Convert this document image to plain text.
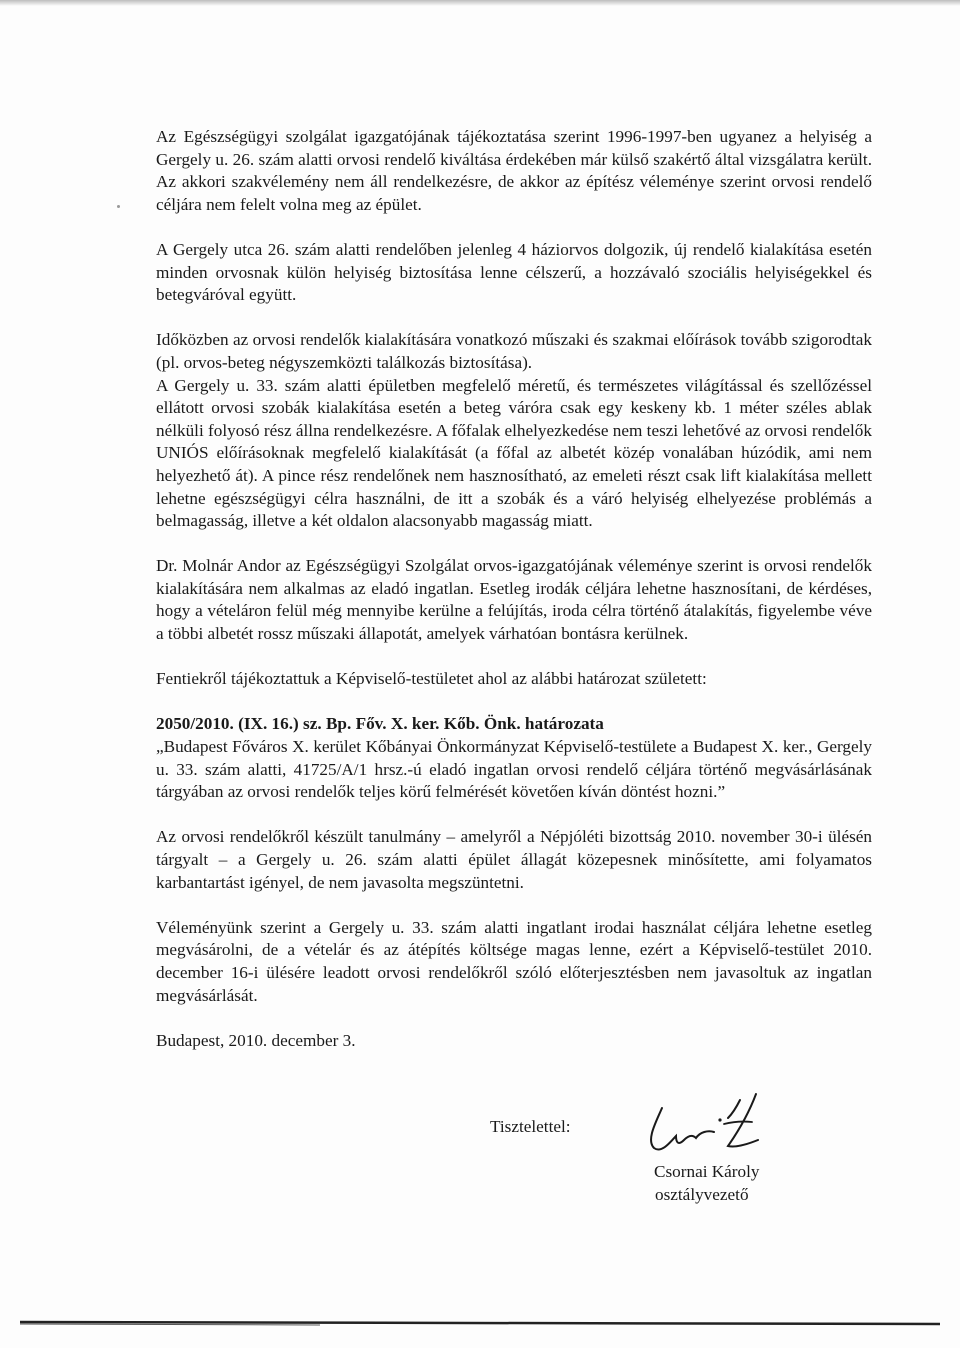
Az Egészségügyi szolgálat igazgatójának tájékoztatása szerint 1996-1997-ben ugyanez a helyiség a Gergely u. 26. szám alatti orvosi rendelő kiváltása érdekében már külső szakértő által vizsgálatra került. Az akkori szakvélemény nem áll rendelkezésre, de akkor az építész véleménye szerint orvosi rendelő céljára nem felelt volna meg az épület.

A Gergely utca 26. szám alatti rendelőben jelenleg 4 háziorvos dolgozik, új rendelő kialakítása esetén minden orvosnak külön helyiség biztosítása lenne célszerű, a hozzávaló szociális helyiségekkel és betegváróval együtt.

Időközben az orvosi rendelők kialakítására vonatkozó műszaki és szakmai előírások tovább szigorodtak (pl. orvos-beteg négyszemközti találkozás biztosítása).

A Gergely u. 33. szám alatti épületben megfelelő méretű, és természetes világítással és szellőzéssel ellátott orvosi szobák kialakítása esetén a beteg váróra csak egy keskeny kb. 1 méter széles ablak nélküli folyosó rész állna rendelkezésre. A főfalak elhelyezkedése nem teszi lehetővé az orvosi rendelők UNIÓS előírásoknak megfelelő kialakítását (a főfal az albetét közép vonalában húzódik, ami nem helyezhető át). A pince rész rendelőnek nem hasznosítható, az emeleti részt csak lift kialakítása mellett lehetne egészségügyi célra használni, de itt a szobák és a váró helyiség elhelyezése problémás a belmagasság, illetve a két oldalon alacsonyabb magasság miatt.

Dr. Molnár Andor az Egészségügyi Szolgálat orvos-igazgatójának véleménye szerint is orvosi rendelők kialakítására nem alkalmas az eladó ingatlan. Esetleg irodák céljára lehetne hasznosítani, de kérdéses, hogy a vételáron felül még mennyibe kerülne a felújítás, iroda célra történő átalakítás, figyelembe véve a többi albetét rossz műszaki állapotát, amelyek várhatóan bontásra kerülnek.

Fentiekről tájékoztattuk a Képviselő-testületet ahol az alábbi határozat született:

2050/2010. (IX. 16.) sz. Bp. Főv. X. ker. Kőb. Önk. határozata

„Budapest Főváros X. kerület Kőbányai Önkormányzat Képviselő-testülete a Budapest X. ker., Gergely u. 33. szám alatti, 41725/A/1 hrsz.-ú eladó ingatlan orvosi rendelő céljára történő megvásárlásának tárgyában az orvosi rendelők teljes körű felmérését követően kíván döntést hozni.”

Az orvosi rendelőkről készült tanulmány – amelyről a Népjóléti bizottság 2010. november 30-i ülésén tárgyalt – a Gergely u. 26. szám alatti épület állagát közepesnek minősítette, ami folyamatos karbantartást igényel, de nem javasolta megszüntetni.

Véleményünk szerint a Gergely u. 33. szám alatti ingatlant irodai használat céljára lehetne esetleg megvásárolni, de a vételár és az átépítés költsége magas lenne, ezért a Képviselő-testület 2010. december 16-i ülésére leadott orvosi rendelőkről szóló előterjesztésben nem javasoltuk az ingatlan megvásárlását.

Budapest, 2010. december 3.

Tisztelettel:
Csornai Károly
osztályvezető
